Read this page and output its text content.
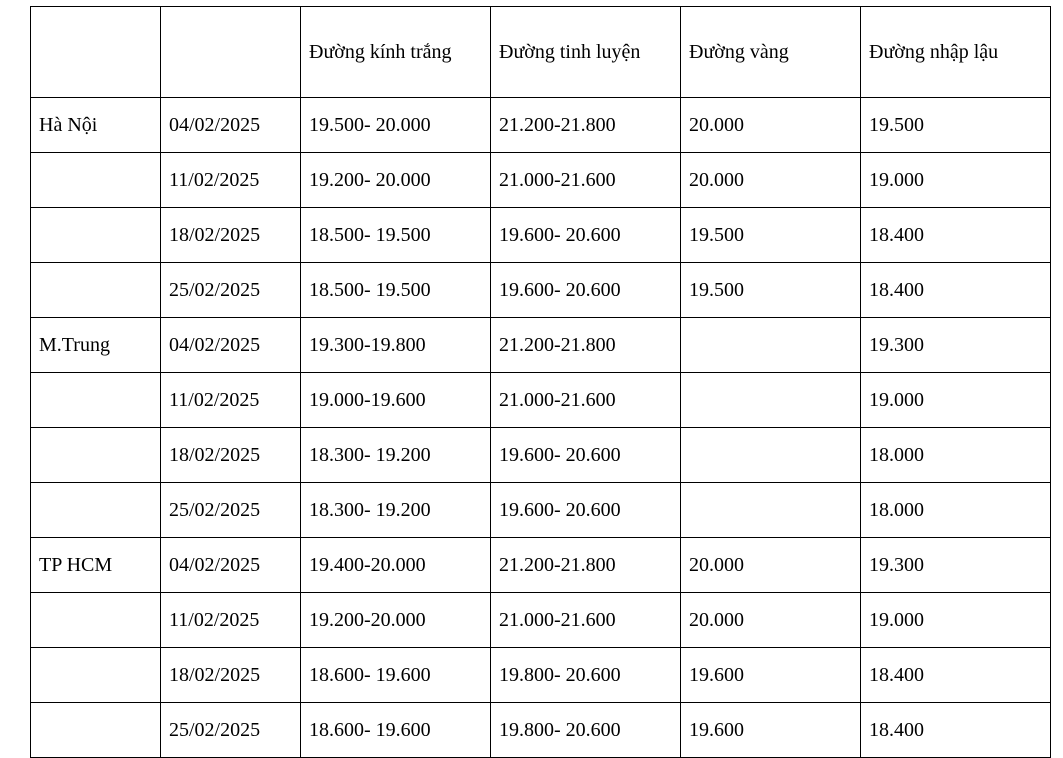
		Đường kính trắng	Đường tinh luyện	Đường vàng	Đường nhập lậu
Hà Nội	04/02/2025	19.500- 20.000	21.200-21.800	20.000	19.500
	11/02/2025	19.200- 20.000	21.000-21.600	20.000	19.000
	18/02/2025	18.500- 19.500	19.600- 20.600	19.500	18.400
	25/02/2025	18.500- 19.500	19.600- 20.600	19.500	18.400
M.Trung	04/02/2025	19.300-19.800	21.200-21.800		19.300
	11/02/2025	19.000-19.600	21.000-21.600		19.000
	18/02/2025	18.300- 19.200	19.600- 20.600		18.000
	25/02/2025	18.300- 19.200	19.600- 20.600		18.000
TP HCM	04/02/2025	19.400-20.000	21.200-21.800	20.000	19.300
	11/02/2025	19.200-20.000	21.000-21.600	20.000	19.000
	18/02/2025	18.600- 19.600	19.800- 20.600	19.600	18.400
	25/02/2025	18.600- 19.600	19.800- 20.600	19.600	18.400
